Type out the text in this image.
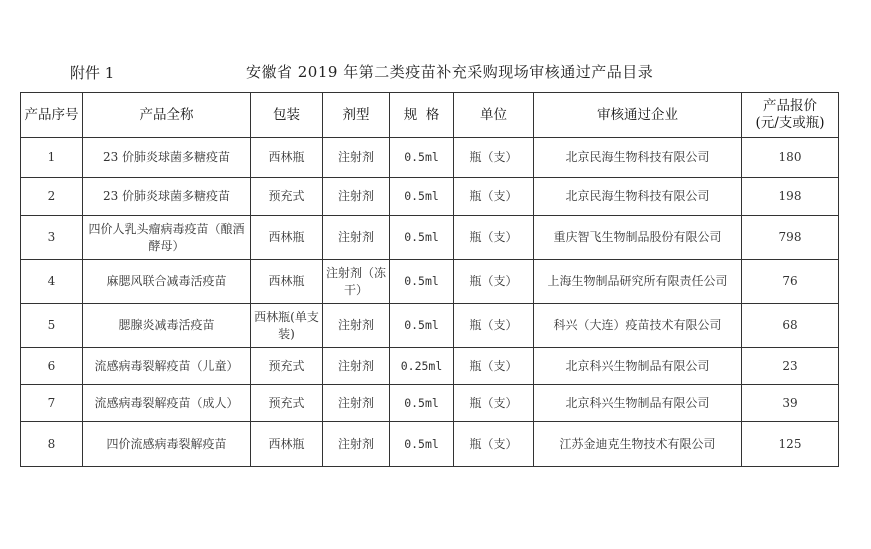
附件 1	安徽省 2019 年第二类疫苗补充采购现场审核通过产品目录
产品序号	产品全称	包装	剂型	规  格	单位	审核通过企业	产品报价
(元/支或瓶)
1	23 价肺炎球菌多糖疫苗	西林瓶	注射剂	0.5ml	瓶（支）	北京民海生物科技有限公司	180
2	23 价肺炎球菌多糖疫苗	预充式	注射剂	0.5ml	瓶（支）	北京民海生物科技有限公司	198
3	四价人乳头瘤病毒疫苗（酿酒
酵母）	西林瓶	注射剂	0.5ml	瓶（支）	重庆智飞生物制品股份有限公司	798
4	麻腮风联合减毒活疫苗	西林瓶	注射剂（冻
干）	0.5ml	瓶（支）	上海生物制品研究所有限责任公司	76
5	腮腺炎减毒活疫苗	西林瓶(单支
装)	注射剂	0.5ml	瓶（支）	科兴（大连）疫苗技术有限公司	68
6	流感病毒裂解疫苗（儿童）	预充式	注射剂	0.25ml	瓶（支）	北京科兴生物制品有限公司	23
7	流感病毒裂解疫苗（成人）	预充式	注射剂	0.5ml	瓶（支）	北京科兴生物制品有限公司	39
8	四价流感病毒裂解疫苗	西林瓶	注射剂	0.5ml	瓶（支）	江苏金迪克生物技术有限公司	125
